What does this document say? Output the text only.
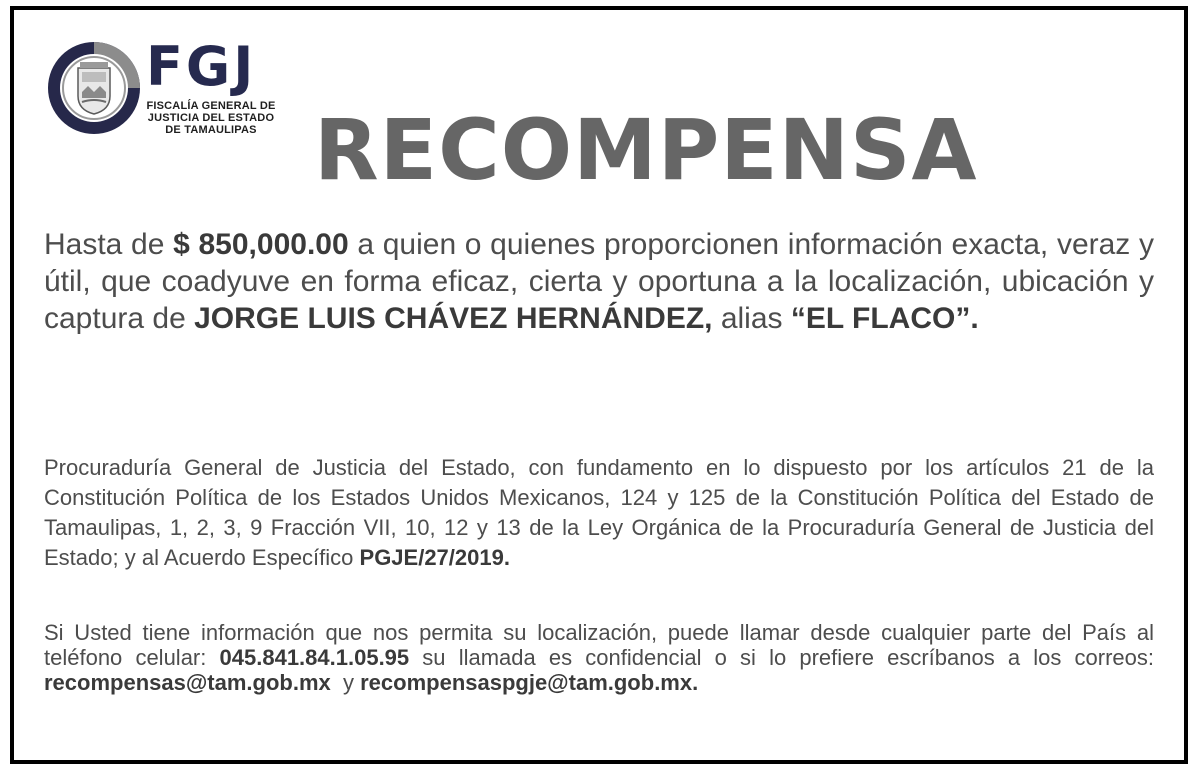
FGJ
FISCALÍA GENERAL DE
JUSTICIA DEL ESTADO
DE TAMAULIPAS RECOMPENSA

Hasta de $ 850,000.00 a quien o quienes proporcionen información exacta, veraz y útil, que coadyuve en forma eficaz, cierta y oportuna a la localización, ubicación y captura de JORGE LUIS CHÁVEZ HERNÁNDEZ, alias “EL FLACO”.

Procuraduría General de Justicia del Estado, con fundamento en lo dispuesto por los artículos 21 de la Constitución Política de los Estados Unidos Mexicanos, 124 y 125 de la Constitución Política del Estado de Tamaulipas, 1, 2, 3, 9 Fracción VII, 10, 12 y 13 de la Ley Orgánica de la Procuraduría General de Justicia del Estado; y al Acuerdo Específico PGJE/27/2019.

Si Usted tiene información que nos permita su localización, puede llamar desde cualquier parte del País al teléfono celular: 045.841.84.1.05.95 su llamada es confidencial o si lo prefiere escríbanos a los correos: recompensas@tam.gob.mx  y recompensaspgje@tam.gob.mx.
